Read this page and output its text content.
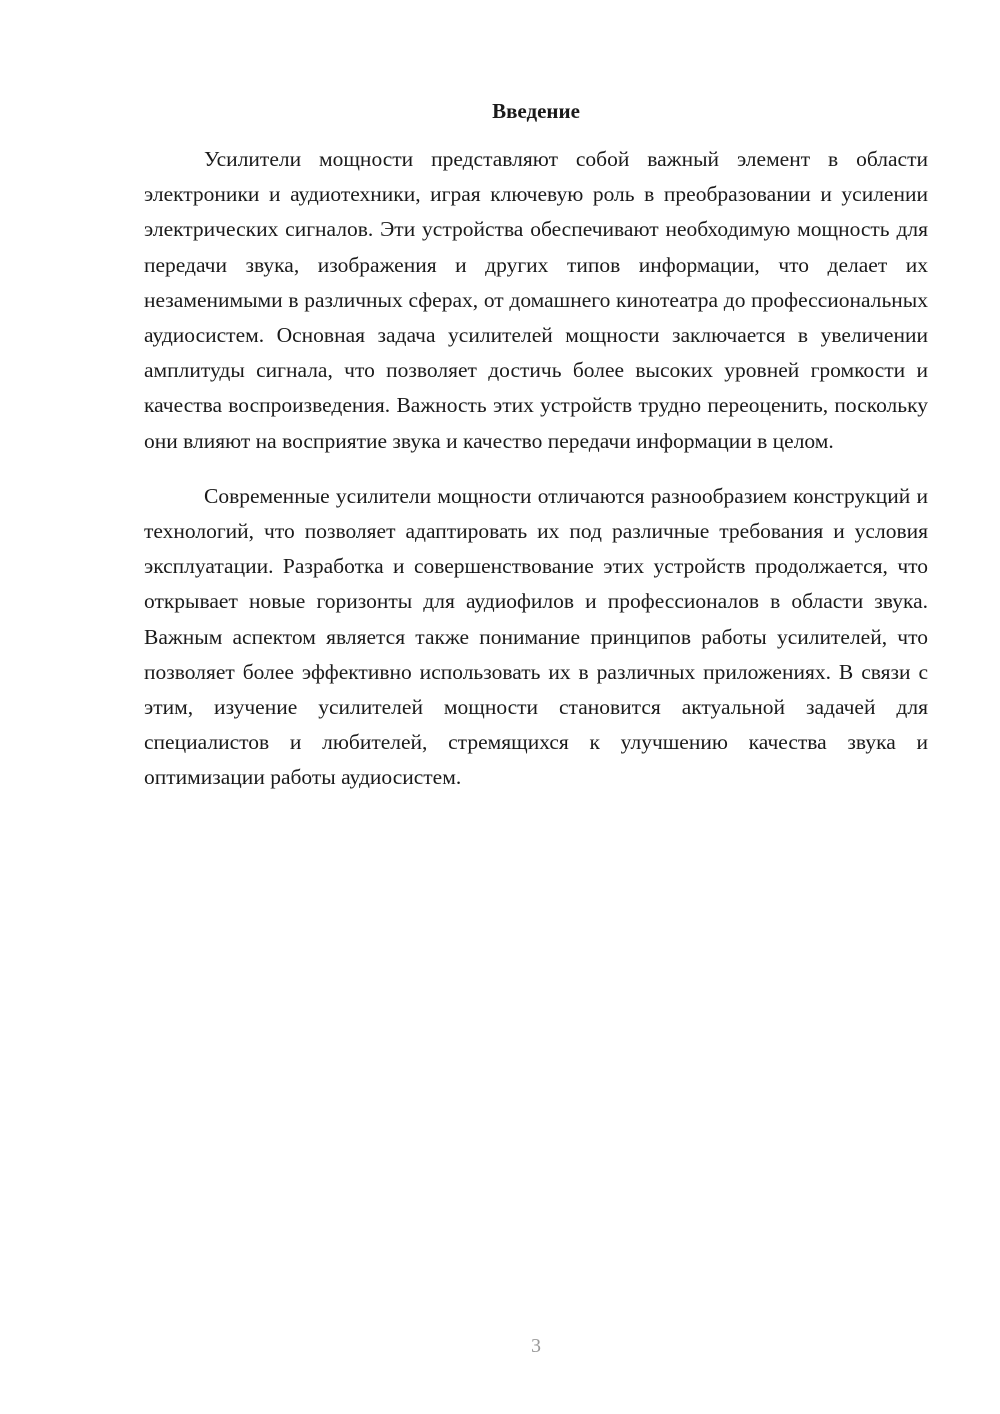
Введение

Усилители мощности представляют собой важный элемент в области электроники и аудиотехники, играя ключевую роль в преобразовании и усилении электрических сигналов. Эти устройства обеспечивают необходимую мощность для передачи звука, изображения и других типов информации, что делает их незаменимыми в различных сферах, от домашнего кинотеатра до профессиональных аудиосистем. Основная задача усилителей мощности заключается в увеличении амплитуды сигнала, что позволяет достичь более высоких уровней громкости и качества воспроизведения. Важность этих устройств трудно переоценить, поскольку они влияют на восприятие звука и качество передачи информации в целом.

Современные усилители мощности отличаются разнообразием конструкций и технологий, что позволяет адаптировать их под различные требования и условия эксплуатации. Разработка и совершенствование этих устройств продолжается, что открывает новые горизонты для аудиофилов и профессионалов в области звука. Важным аспектом является также понимание принципов работы усилителей, что позволяет более эффективно использовать их в различных приложениях. В связи с этим, изучение усилителей мощности становится актуальной задачей для специалистов и любителей, стремящихся к улучшению качества звука и оптимизации работы аудиосистем.

3
